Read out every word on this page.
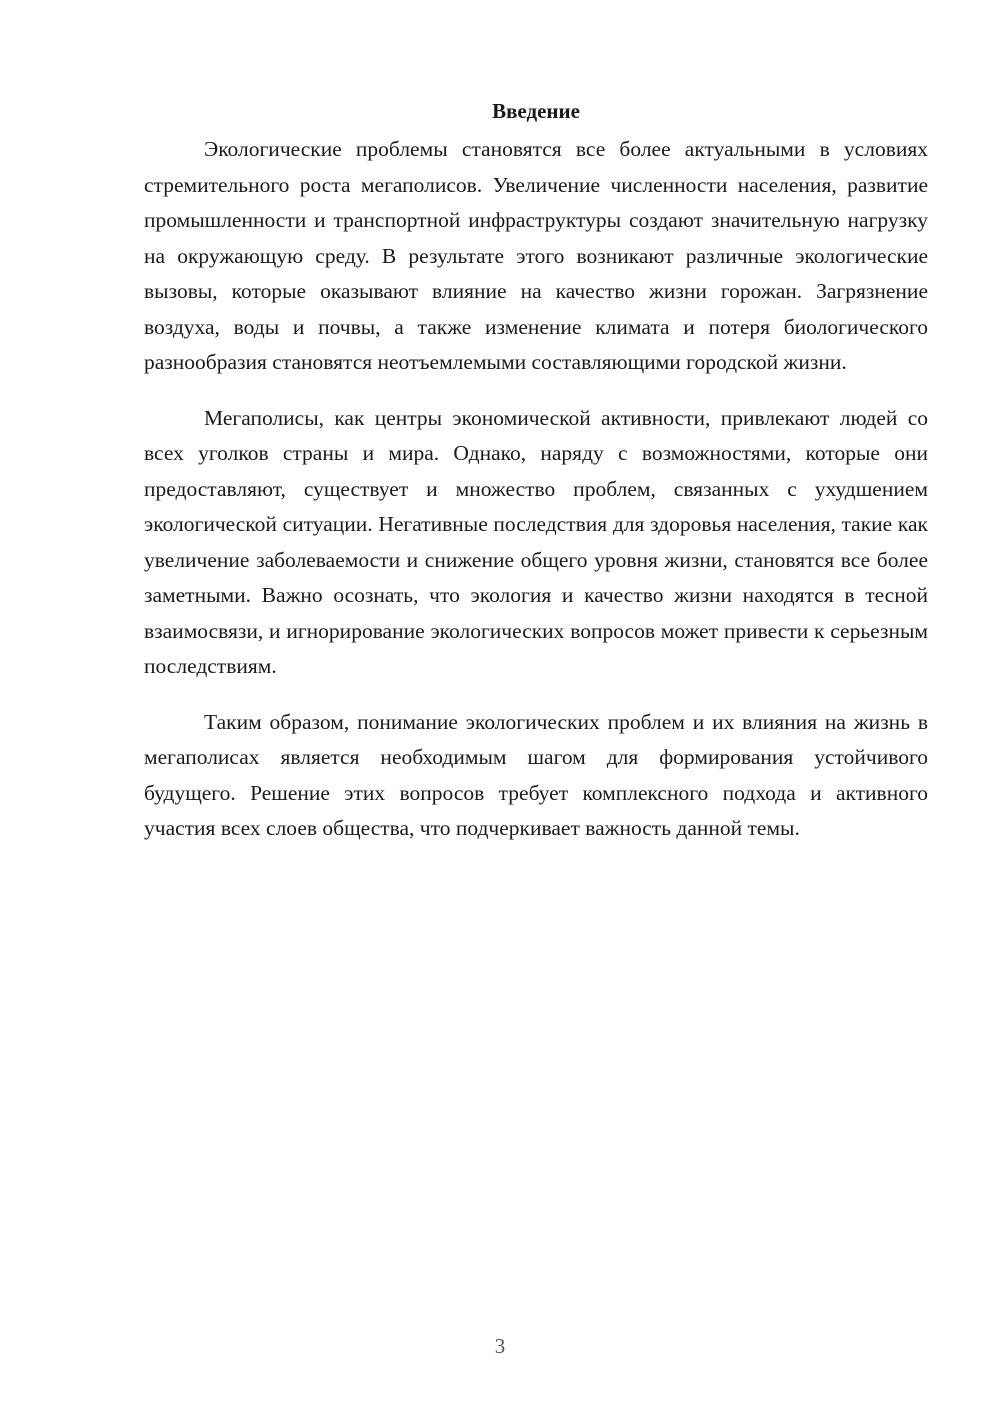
Введение

Экологические проблемы становятся все более актуальными в условиях стремительного роста мегаполисов. Увеличение численности населения, развитие промышленности и транспортной инфраструктуры создают значительную нагрузку на окружающую среду. В результате этого возникают различные экологические вызовы, которые оказывают влияние на качество жизни горожан. Загрязнение воздуха, воды и почвы, а также изменение климата и потеря биологического разнообразия становятся неотъемлемыми составляющими городской жизни.

Мегаполисы, как центры экономической активности, привлекают людей со всех уголков страны и мира. Однако, наряду с возможностями, которые они предоставляют, существует и множество проблем, связанных с ухудшением экологической ситуации. Негативные последствия для здоровья населения, такие как увеличение заболеваемости и снижение общего уровня жизни, становятся все более заметными. Важно осознать, что экология и качество жизни находятся в тесной взаимосвязи, и игнорирование экологических вопросов может привести к серьезным последствиям.

Таким образом, понимание экологических проблем и их влияния на жизнь в мегаполисах является необходимым шагом для формирования устойчивого будущего. Решение этих вопросов требует комплексного подхода и активного участия всех слоев общества, что подчеркивает важность данной темы.

3
